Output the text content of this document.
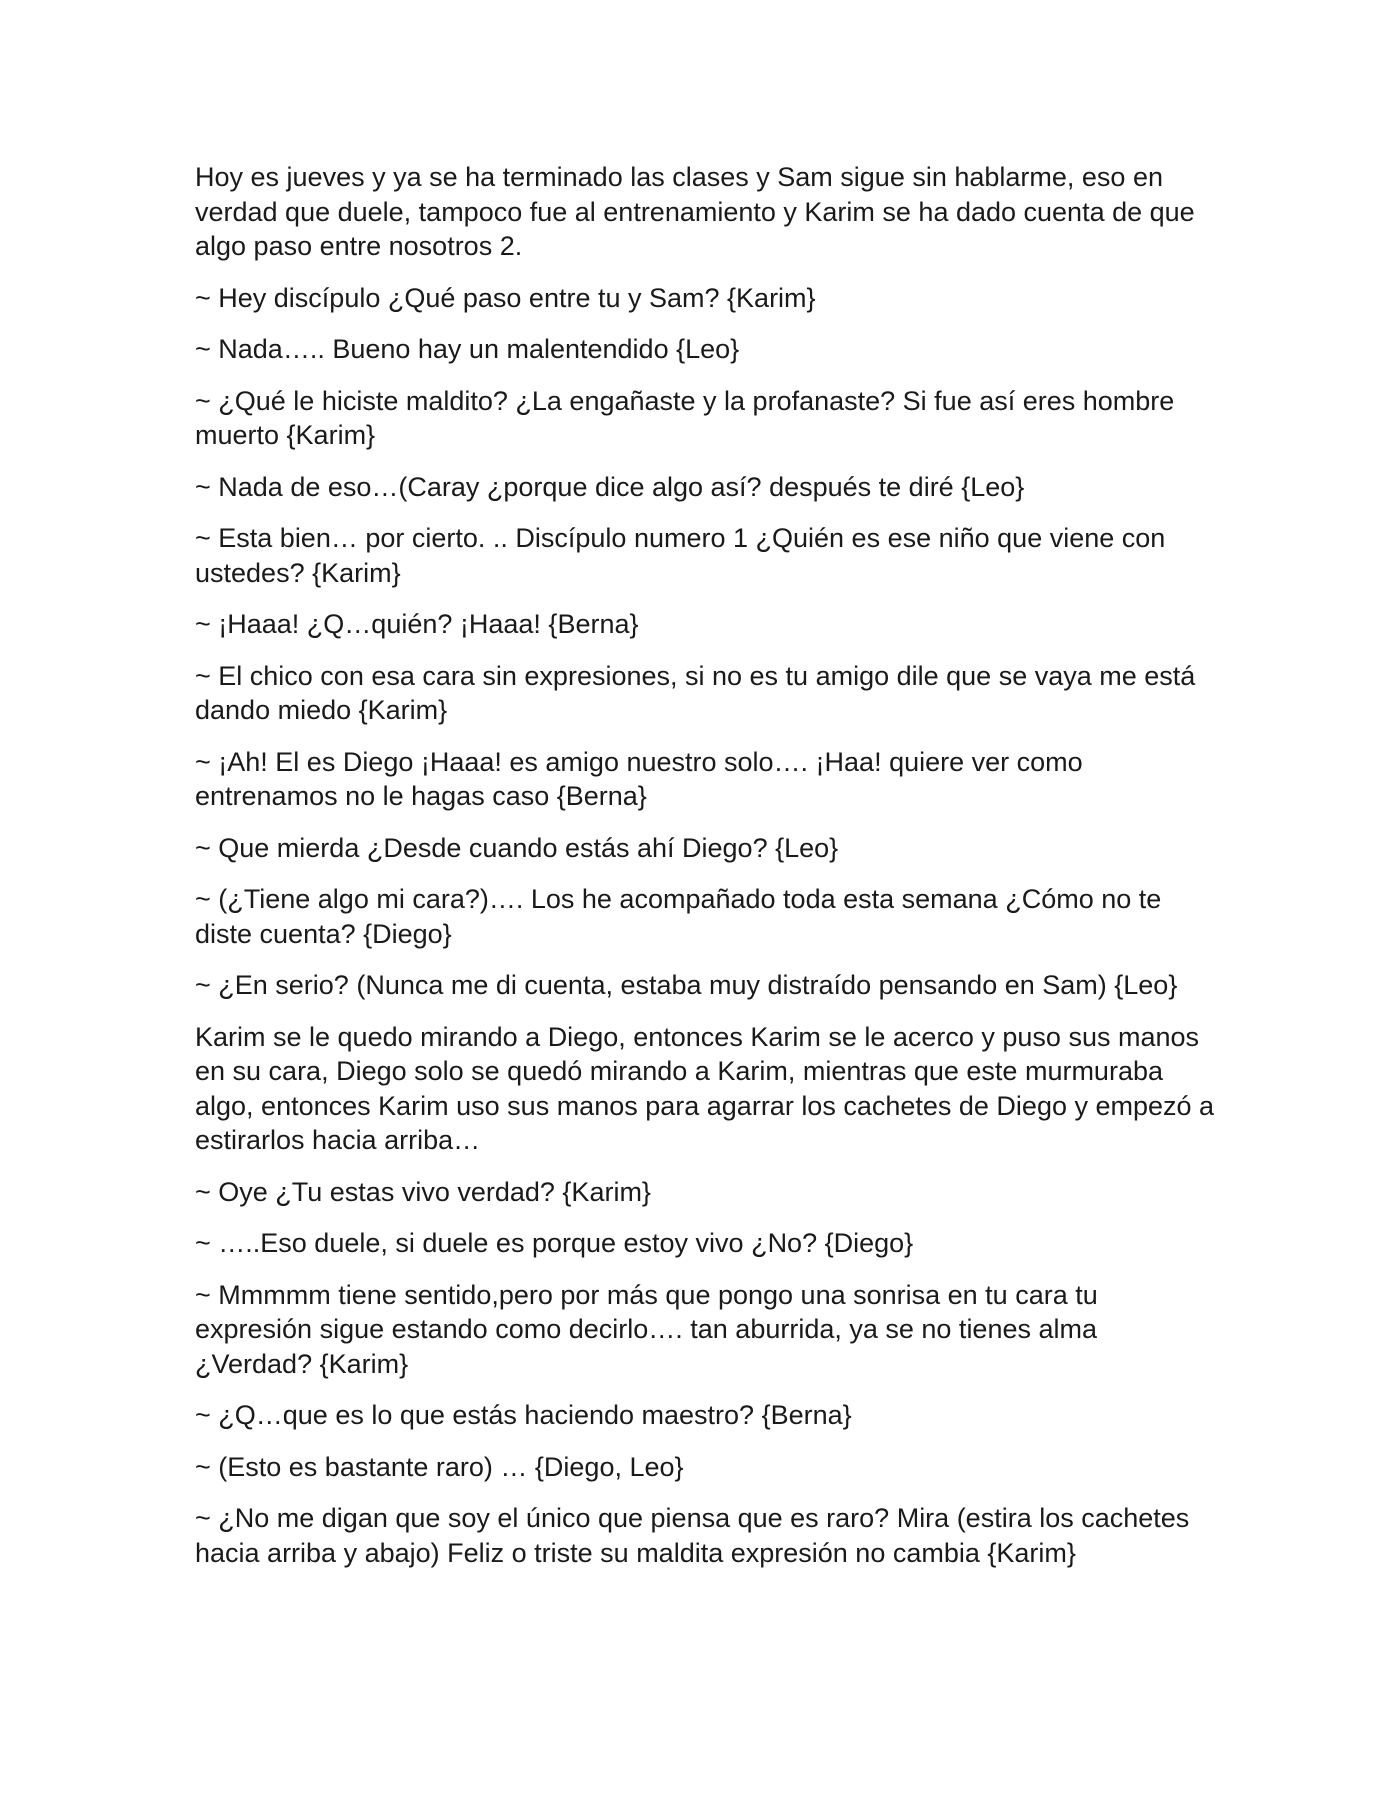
Hoy es jueves y ya se ha terminado las clases y Sam sigue sin hablarme, eso en verdad que duele, tampoco fue al entrenamiento y Karim se ha dado cuenta de que algo paso entre nosotros 2.

~ Hey discípulo ¿Qué paso entre tu y Sam? {Karim}

~ Nada….. Bueno hay un malentendido {Leo}

~ ¿Qué le hiciste maldito? ¿La engañaste y la profanaste? Si fue así eres hombre muerto {Karim}

~ Nada de eso…(Caray ¿porque dice algo así? después te diré {Leo}

~ Esta bien… por cierto. .. Discípulo numero 1 ¿Quién es ese niño que viene con ustedes? {Karim}

~ ¡Haaa! ¿Q…quién? ¡Haaa! {Berna}

~ El chico con esa cara sin expresiones, si no es tu amigo dile que se vaya me está dando miedo {Karim}

~ ¡Ah! El es Diego ¡Haaa! es amigo nuestro solo…. ¡Haa! quiere ver como entrenamos no le hagas caso {Berna}

~ Que mierda ¿Desde cuando estás ahí Diego? {Leo}

~ (¿Tiene algo mi cara?)…. Los he acompañado toda esta semana ¿Cómo no te diste cuenta? {Diego}

~ ¿En serio? (Nunca me di cuenta, estaba muy distraído pensando en Sam) {Leo}

Karim se le quedo mirando a Diego, entonces Karim se le acerco y puso sus manos en su cara, Diego solo se quedó mirando a Karim, mientras que este murmuraba algo, entonces Karim uso sus manos para agarrar los cachetes de Diego y empezó a estirarlos hacia arriba…

~ Oye ¿Tu estas vivo verdad? {Karim}

~ …..Eso duele, si duele es porque estoy vivo ¿No? {Diego}

~ Mmmmm tiene sentido,pero por más que pongo una sonrisa en tu cara tu expresión sigue estando como decirlo…. tan aburrida, ya se no tienes alma ¿Verdad? {Karim}

~ ¿Q…que es lo que estás haciendo maestro? {Berna}

~ (Esto es bastante raro) … {Diego, Leo}

~ ¿No me digan que soy el único que piensa que es raro? Mira (estira los cachetes hacia arriba y abajo) Feliz o triste su maldita expresión no cambia {Karim}
